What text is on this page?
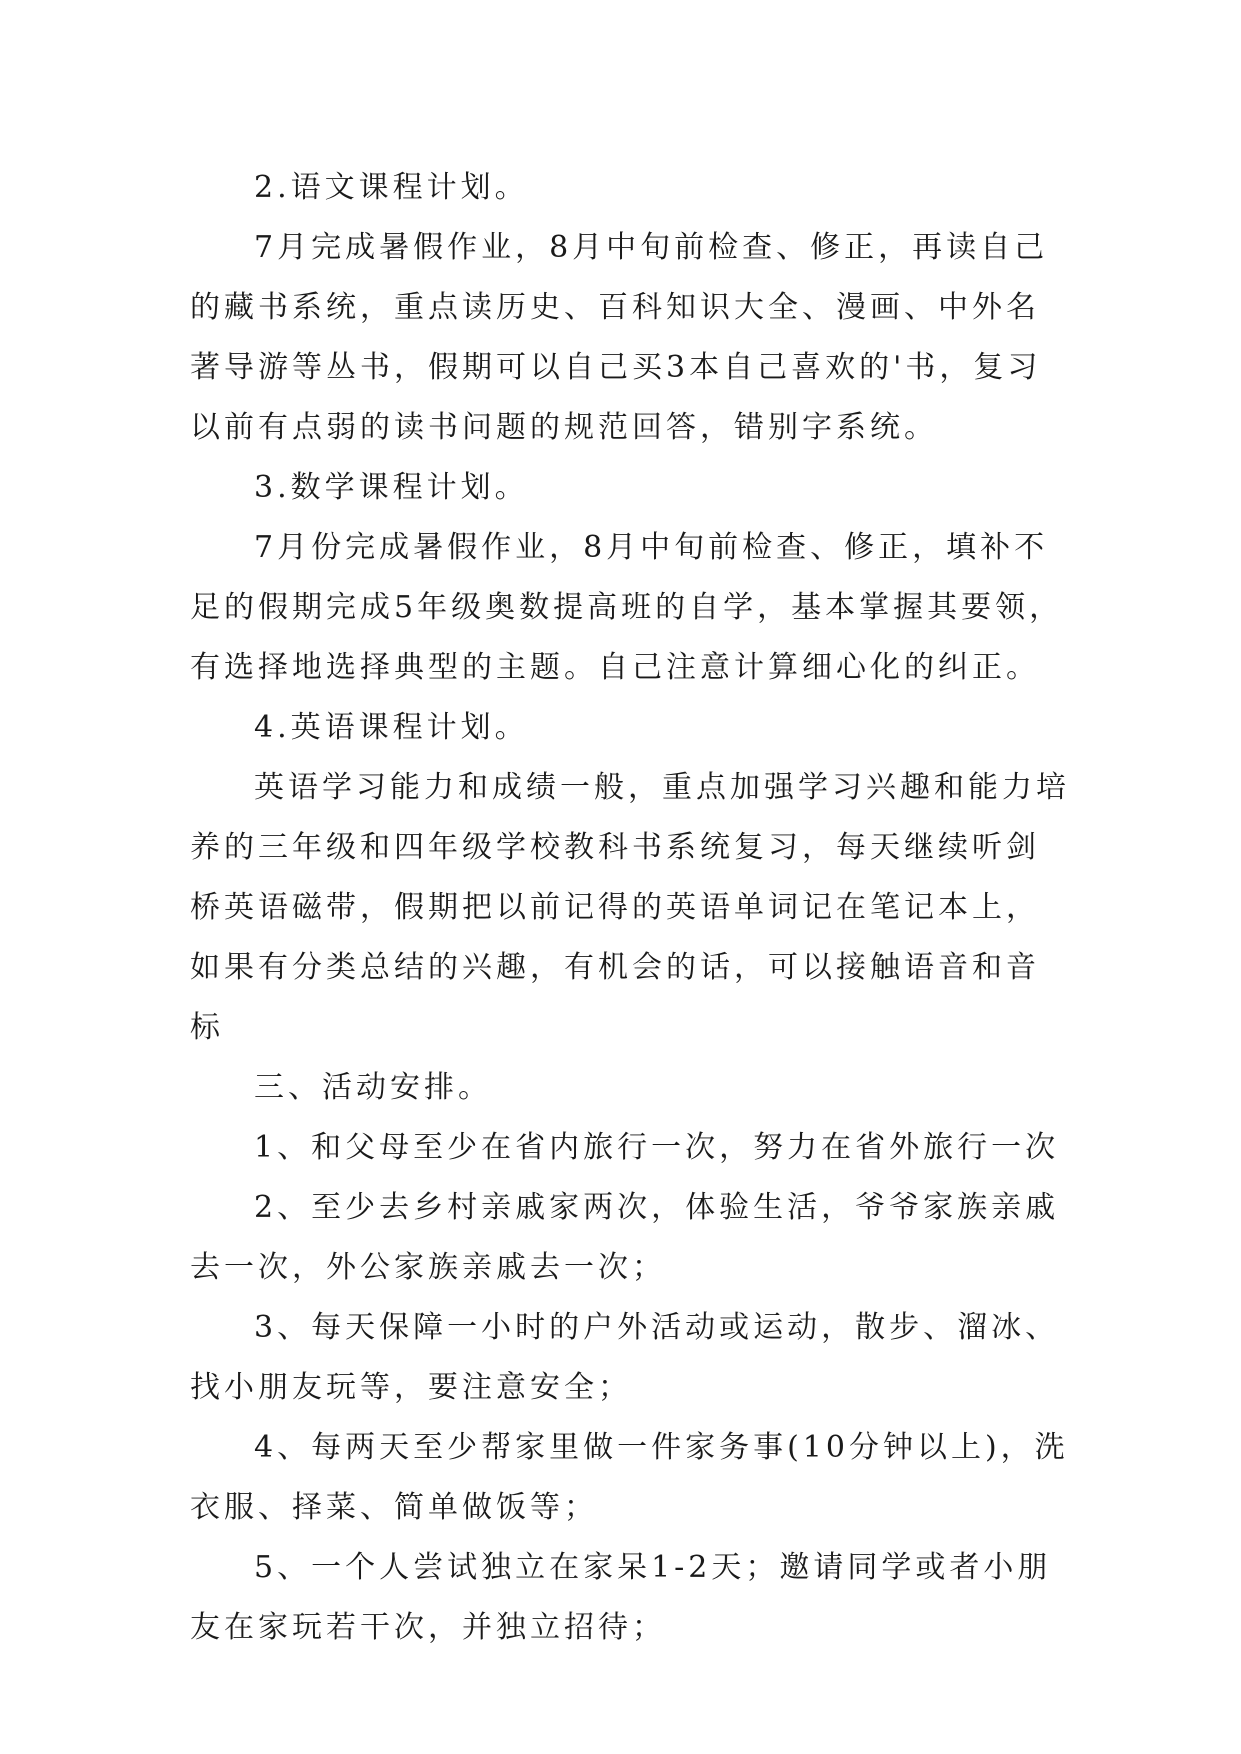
2.语文课程计划。

7月完成暑假作业，8月中旬前检查、修正，再读自己的藏书系统，重点读历史、百科知识大全、漫画、中外名著导游等丛书，假期可以自己买3本自己喜欢的'书，复习以前有点弱的读书问题的规范回答，错别字系统。

3.数学课程计划。

7月份完成暑假作业，8月中旬前检查、修正，填补不足的假期完成5年级奥数提高班的自学，基本掌握其要领，有选择地选择典型的主题。自己注意计算细心化的纠正。

4.英语课程计划。

英语学习能力和成绩一般，重点加强学习兴趣和能力培养的三年级和四年级学校教科书系统复习，每天继续听剑桥英语磁带，假期把以前记得的英语单词记在笔记本上，如果有分类总结的兴趣，有机会的话，可以接触语音和音标

三、活动安排。

1、和父母至少在省内旅行一次，努力在省外旅行一次

2、至少去乡村亲戚家两次，体验生活，爷爷家族亲戚去一次，外公家族亲戚去一次；

3、每天保障一小时的户外活动或运动，散步、溜冰、找小朋友玩等，要注意安全；

4、每两天至少帮家里做一件家务事(10分钟以上)，洗衣服、择菜、简单做饭等；

5、一个人尝试独立在家呆1-2天；邀请同学或者小朋友在家玩若干次，并独立招待；
